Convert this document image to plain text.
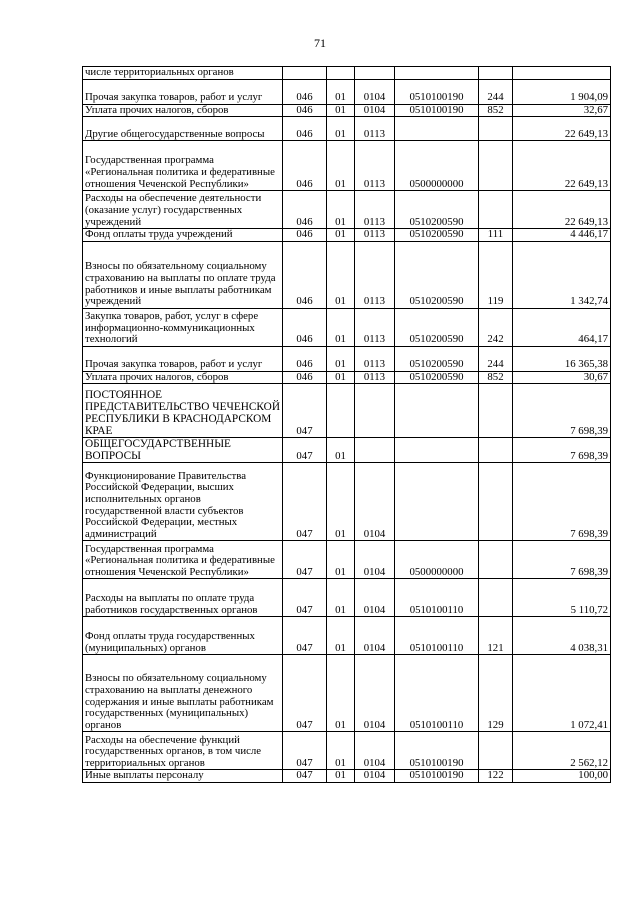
71
числе территориальных органов						
Прочая закупка товаров, работ и услуг	046	01	0104	0510100190	244	1 904,09
Уплата прочих налогов, сборов	046	01	0104	0510100190	852	32,67
Другие общегосударственные вопросы	046	01	0113			22 649,13
Государственная программа «Региональная политика и федеративные отношения Чеченской Республики»	046	01	0113	0500000000		22 649,13
Расходы на обеспечение деятельности (оказание услуг) государственных учреждений	046	01	0113	0510200590		22 649,13
Фонд оплаты труда учреждений	046	01	0113	0510200590	111	4 446,17
Взносы по обязательному социальному страхованию на выплаты по оплате труда работников и иные выплаты работникам учреждений	046	01	0113	0510200590	119	1 342,74
Закупка товаров, работ, услуг в сфере информационно-коммуникационных технологий	046	01	0113	0510200590	242	464,17
Прочая закупка товаров, работ и услуг	046	01	0113	0510200590	244	16 365,38
Уплата прочих налогов, сборов	046	01	0113	0510200590	852	30,67
ПОСТОЯННОЕ ПРЕДСТАВИТЕЛЬСТВО ЧЕЧЕНСКОЙ РЕСПУБЛИКИ В КРАСНОДАРСКОМ КРАЕ	047					7 698,39
ОБЩЕГОСУДАРСТВЕННЫЕ ВОПРОСЫ	047	01				7 698,39
Функционирование Правительства Российской Федерации, высших исполнительных органов государственной власти субъектов Российской Федерации, местных администраций	047	01	0104			7 698,39
Государственная программа «Региональная политика и федеративные отношения Чеченской Республики»	047	01	0104	0500000000		7 698,39
Расходы на выплаты по оплате труда работников государственных органов	047	01	0104	0510100110		5 110,72
Фонд оплаты труда государственных (муниципальных) органов	047	01	0104	0510100110	121	4 038,31
Взносы по обязательному социальному страхованию на выплаты денежного содержания и иные выплаты работникам государственных (муниципальных) органов	047	01	0104	0510100110	129	1 072,41
Расходы на обеспечение функций государственных органов, в том числе территориальных органов	047	01	0104	0510100190		2 562,12
Иные выплаты персоналу	047	01	0104	0510100190	122	100,00
